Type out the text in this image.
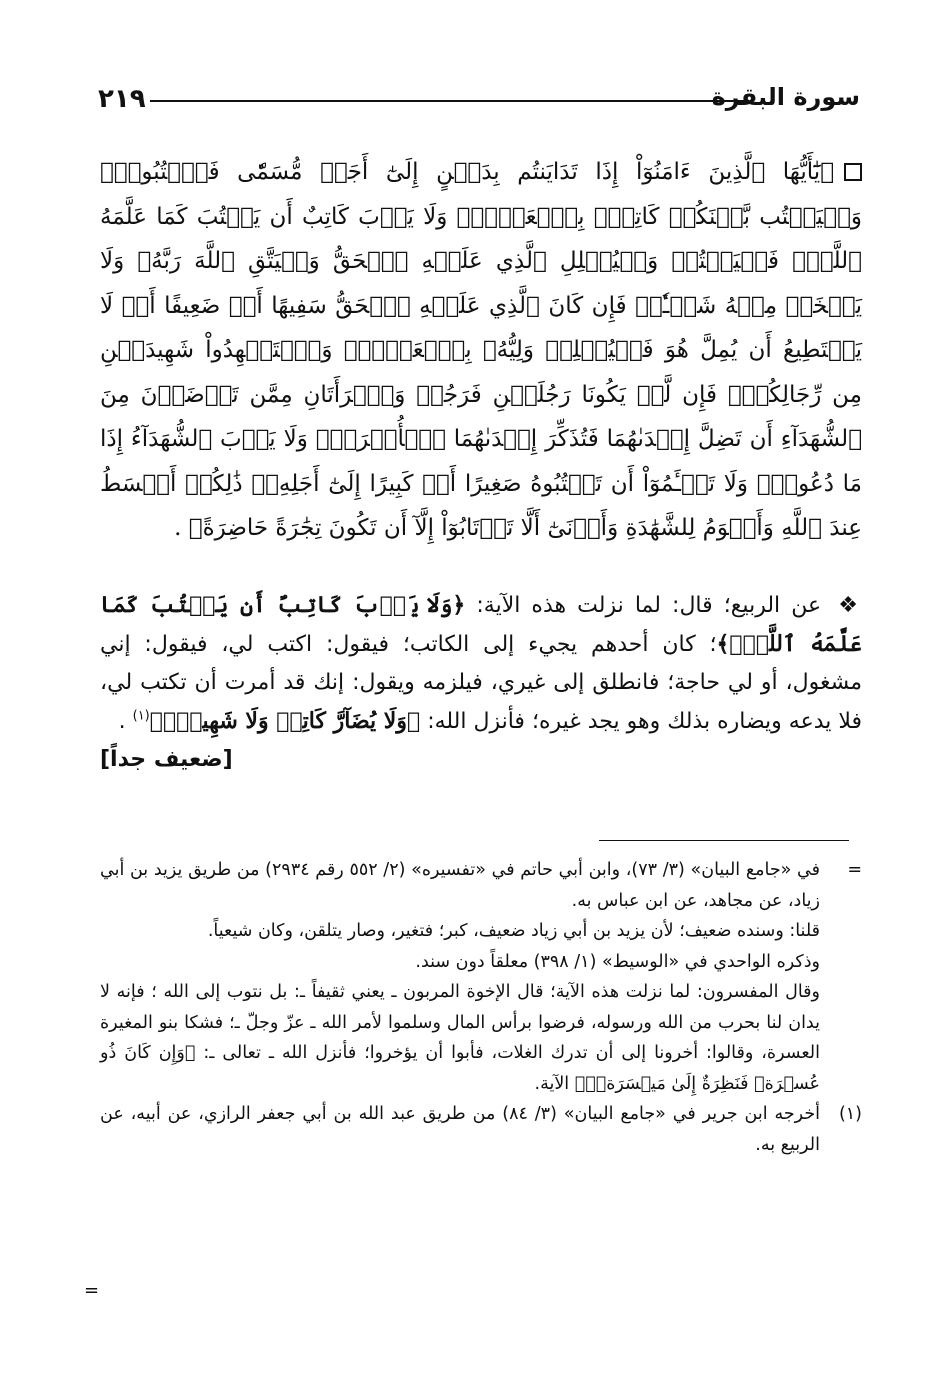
٢١٩	سورة البقرة
﴿يَٰٓأَيُّهَا ٱلَّذِينَ ءَامَنُوٓاْ إِذَا تَدَايَنتُم بِدَيۡنٍ إِلَىٰٓ أَجَلٖ مُّسَمّٗى فَٱكۡتُبُوهُۚ وَلۡيَكۡتُب بَّيۡنَكُمۡ كَاتِبُۢ بِٱلۡعَدۡلِۚ وَلَا يَأۡبَ كَاتِبٌ أَن يَكۡتُبَ كَمَا عَلَّمَهُ ٱللَّهُۚ فَلۡيَكۡتُبۡ وَلۡيُمۡلِلِ ٱلَّذِي عَلَيۡهِ ٱلۡحَقُّ وَلۡيَتَّقِ ٱللَّهَ رَبَّهُۥ وَلَا يَبۡخَسۡ مِنۡهُ شَيۡـٔٗاۚ فَإِن كَانَ ٱلَّذِي عَلَيۡهِ ٱلۡحَقُّ سَفِيهًا أَوۡ ضَعِيفًا أَوۡ لَا يَسۡتَطِيعُ أَن يُمِلَّ هُوَ فَلۡيُمۡلِلۡ وَلِيُّهُۥ بِٱلۡعَدۡلِۚ وَٱسۡتَشۡهِدُواْ شَهِيدَيۡنِ مِن رِّجَالِكُمۡۖ فَإِن لَّمۡ يَكُونَا رَجُلَيۡنِ فَرَجُلٞ وَٱمۡرَأَتَانِ مِمَّن تَرۡضَوۡنَ مِنَ ٱلشُّهَدَآءِ أَن تَضِلَّ إِحۡدَىٰهُمَا فَتُذَكِّرَ إِحۡدَىٰهُمَا ٱلۡأُخۡرَىٰۚ وَلَا يَأۡبَ ٱلشُّهَدَآءُ إِذَا مَا دُعُواْۚ وَلَا تَسۡـَٔمُوٓاْ أَن تَكۡتُبُوهُ صَغِيرًا أَوۡ كَبِيرًا إِلَىٰٓ أَجَلِهِۦۚ ذَٰلِكُمۡ أَقۡسَطُ عِندَ ٱللَّهِ وَأَقۡوَمُ لِلشَّهَٰدَةِ وَأَدۡنَىٰٓ أَلَّا تَرۡتَابُوٓاْ إِلَّآ أَن تَكُونَ تِجَٰرَةً حَاضِرَةً﴾ .

❖ عن الربيع؛ قال: لما نزلت هذه الآية: ﴿وَلَا يَأۡبَ كَاتِبٌ أَن يَكۡتُبَ كَمَا عَلَّمَهُ ٱللَّهُۚ﴾؛ كان أحدهم يجيء إلى الكاتب؛ فيقول: اكتب لي، فيقول: إني مشغول، أو لي حاجة؛ فانطلق إلى غيري، فيلزمه ويقول: إنك قد أمرت أن تكتب لي، فلا يدعه ويضاره بذلك وهو يجد غيره؛ فأنزل الله: ﴿وَلَا يُضَآرَّ كَاتِبٞ وَلَا شَهِيدٞۚ﴾$^{(١)}$ .
[ضعيف جداً]

=

في «جامع البيان» (٣/ ٧٣)، وابن أبي حاتم في «تفسيره» (٢/ ٥٥٢ رقم ٢٩٣٤) من طريق يزيد بن أبي زياد، عن مجاهد، عن ابن عباس به.

قلنا: وسنده ضعيف؛ لأن يزيد بن أبي زياد ضعيف، كبر؛ فتغير، وصار يتلقن، وكان شيعياً.

وذكره الواحدي في «الوسيط» (١/ ٣٩٨) معلقاً دون سند.

وقال المفسرون: لما نزلت هذه الآية؛ قال الإخوة المربون ـ يعني ثقيفاً ـ: بل نتوب إلى الله ؛ فإنه لا يدان لنا بحرب من الله ورسوله، فرضوا برأس المال وسلموا لأمر الله ـ عزّ وجلّ ـ؛ فشكا بنو المغيرة العسرة، وقالوا: أخرونا إلى أن تدرك الغلات، فأبوا أن يؤخروا؛ فأنزل الله ـ تعالى ـ: ﴿وَإِن كَانَ ذُو عُسۡرَةٖ فَنَظِرَةٌ إِلَىٰ مَيۡسَرَةٖۚ﴾ الآية.

(١)

أخرجه ابن جرير في «جامع البيان» (٣/ ٨٤) من طريق عبد الله بن أبي جعفر الرازي، عن أبيه، عن الربيع به.

=
